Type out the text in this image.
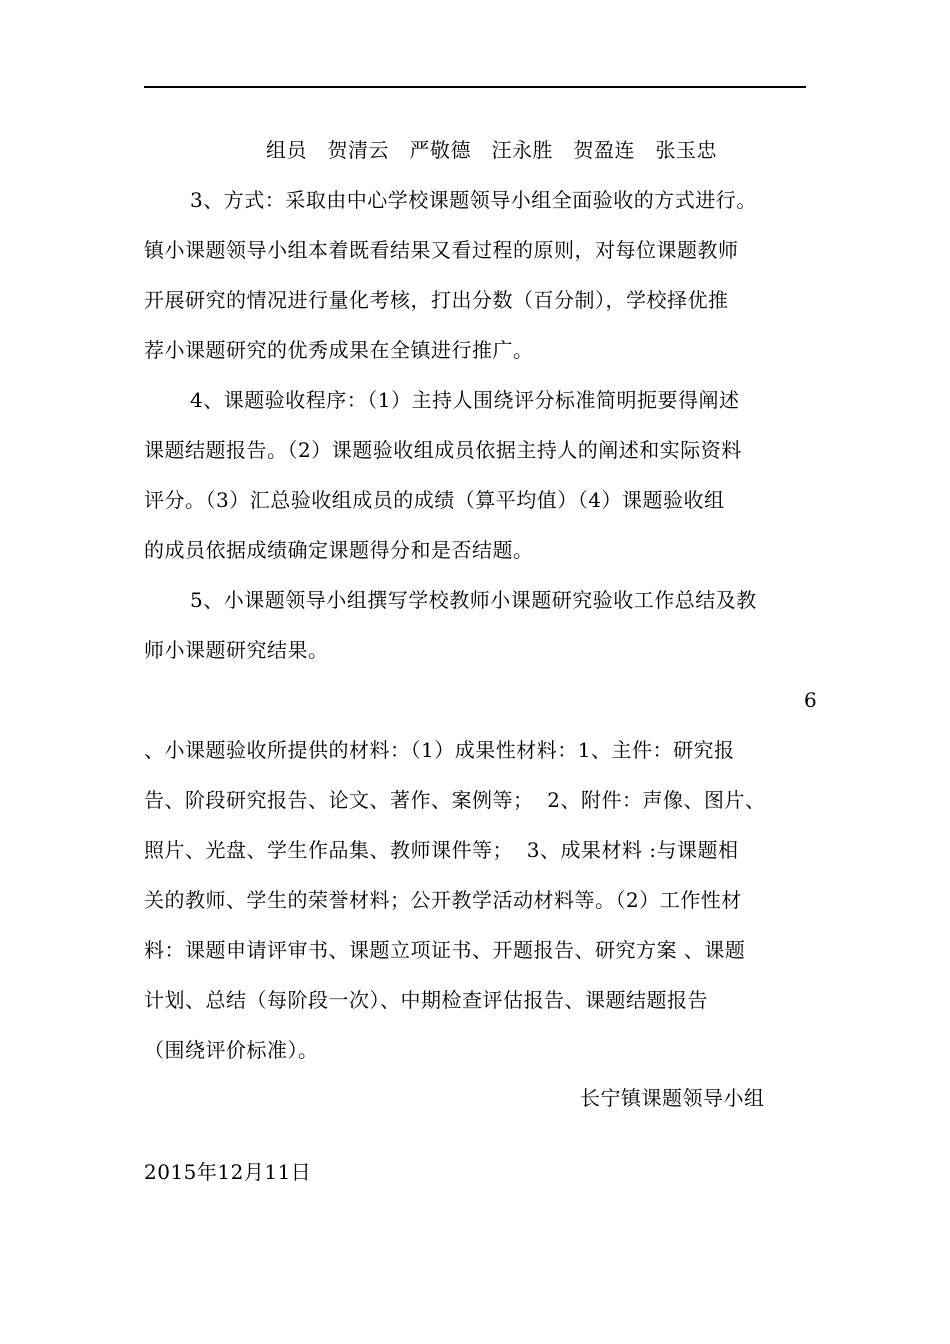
组员　贺清云　严敬德　汪永胜　贺盈连　张玉忠
3、方式：采取由中心学校课题领导小组全面验收的方式进行。
镇小课题领导小组本着既看结果又看过程的原则，对每位课题教师
开展研究的情况进行量化考核，打出分数（百分制），学校择优推
荐小课题研究的优秀成果在全镇进行推广。
4、课题验收程序：（1）主持人围绕评分标准简明扼要得阐述
课题结题报告。（2）课题验收组成员依据主持人的阐述和实际资料
评分。（3）汇总验收组成员的成绩（算平均值）（4）课题验收组
的成员依据成绩确定课题得分和是否结题。
5、小课题领导小组撰写学校教师小课题研究验收工作总结及教
师小课题研究结果。
6
、小课题验收所提供的材料：（1）成果性材料：1、主件：研究报
告、阶段研究报告、论文、著作、案例等；  2、附件：声像、图片、
照片、光盘、学生作品集、教师课件等；  3、成果材料 :与课题相
关的教师、学生的荣誉材料；公开教学活动材料等。（2）工作性材
料：课题申请评审书、课题立项证书、开题报告、研究方案 、课题
计划、总结（每阶段一次）、中期检查评估报告、课题结题报告
（围绕评价标准）。
长宁镇课题领导小组
2015年12月11日
